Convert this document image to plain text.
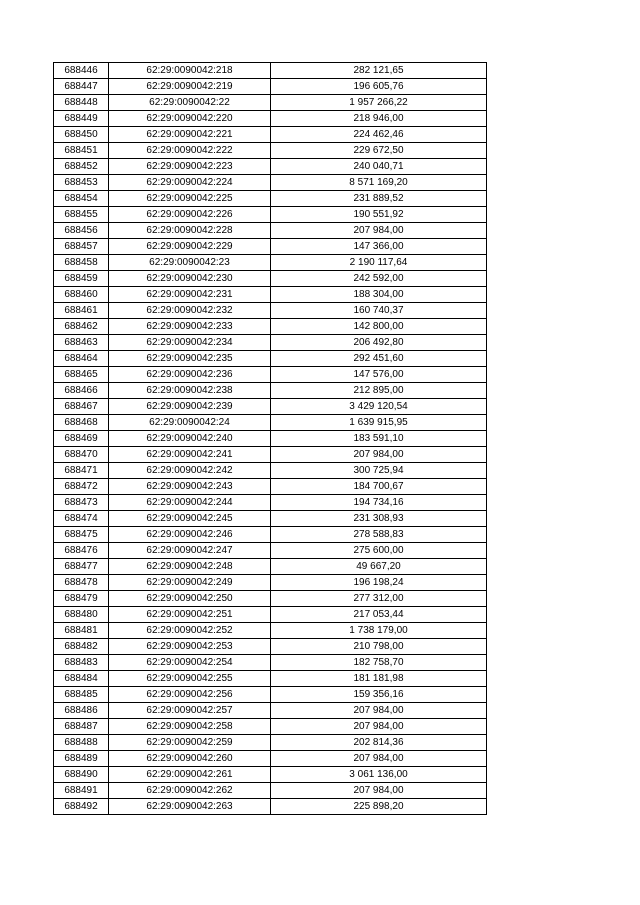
688446	62:29:0090042:218	282 121,65
688447	62:29:0090042:219	196 605,76
688448	62:29:0090042:22	1 957 266,22
688449	62:29:0090042:220	218 946,00
688450	62:29:0090042:221	224 462,46
688451	62:29:0090042:222	229 672,50
688452	62:29:0090042:223	240 040,71
688453	62:29:0090042:224	8 571 169,20
688454	62:29:0090042:225	231 889,52
688455	62:29:0090042:226	190 551,92
688456	62:29:0090042:228	207 984,00
688457	62:29:0090042:229	147 366,00
688458	62:29:0090042:23	2 190 117,64
688459	62:29:0090042:230	242 592,00
688460	62:29:0090042:231	188 304,00
688461	62:29:0090042:232	160 740,37
688462	62:29:0090042:233	142 800,00
688463	62:29:0090042:234	206 492,80
688464	62:29:0090042:235	292 451,60
688465	62:29:0090042:236	147 576,00
688466	62:29:0090042:238	212 895,00
688467	62:29:0090042:239	3 429 120,54
688468	62:29:0090042:24	1 639 915,95
688469	62:29:0090042:240	183 591,10
688470	62:29:0090042:241	207 984,00
688471	62:29:0090042:242	300 725,94
688472	62:29:0090042:243	184 700,67
688473	62:29:0090042:244	194 734,16
688474	62:29:0090042:245	231 308,93
688475	62:29:0090042:246	278 588,83
688476	62:29:0090042:247	275 600,00
688477	62:29:0090042:248	49 667,20
688478	62:29:0090042:249	196 198,24
688479	62:29:0090042:250	277 312,00
688480	62:29:0090042:251	217 053,44
688481	62:29:0090042:252	1 738 179,00
688482	62:29:0090042:253	210 798,00
688483	62:29:0090042:254	182 758,70
688484	62:29:0090042:255	181 181,98
688485	62:29:0090042:256	159 356,16
688486	62:29:0090042:257	207 984,00
688487	62:29:0090042:258	207 984,00
688488	62:29:0090042:259	202 814,36
688489	62:29:0090042:260	207 984,00
688490	62:29:0090042:261	3 061 136,00
688491	62:29:0090042:262	207 984,00
688492	62:29:0090042:263	225 898,20
